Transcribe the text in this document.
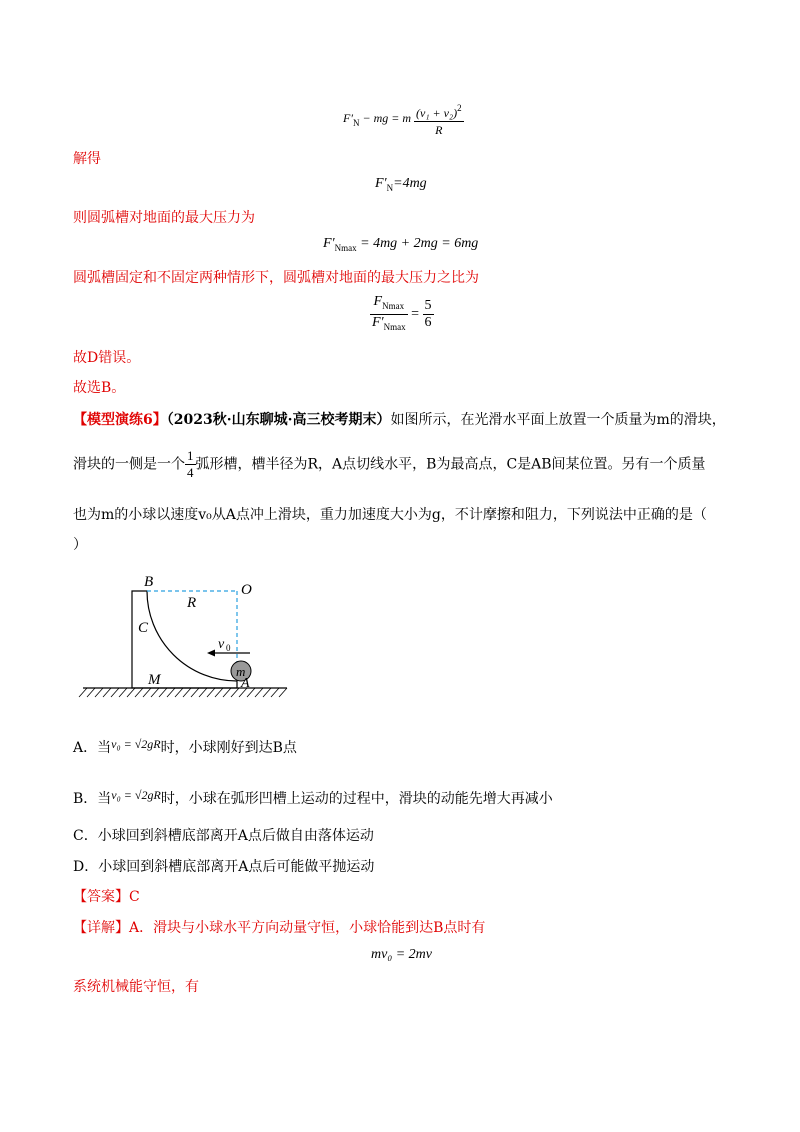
$F'_N$ − mg = m $\frac{(v_1 + v_2)^2}{R}$
解得
$F'_N=4mg$
则圆弧槽对地面的最大压力为
$F'_{Nmax} = 4mg + 2mg = 6mg$
圆弧槽固定和不固定两种情形下，圆弧槽对地面的最大压力之比为
$\frac{F_{Nmax}}{F'_{Nmax}} = \frac{5}{6}$
故D错误。
故选B。
【模型演练6】（2023秋·山东聊城·高三校考期末）如图所示，在光滑水平面上放置一个质量为m的滑块，
滑块的一侧是一个 $\frac{1}{4}$ 弧形槽，槽半径为R，A点切线水平，B为最高点，C是AB间某位置。另有一个质量
也为m的小球以速度v₀从A点冲上滑块，重力加速度大小为g，不计摩擦和阻力，下列说法中正确的是（
）
m
B	O
R
C
v 0
M	A
A．当v₀ = √2gR时，小球刚好到达B点
B．当v₀ = √2gR时，小球在弧形凹槽上运动的过程中，滑块的动能先增大再减小
C．小球回到斜槽底部离开A点后做自由落体运动
D．小球回到斜槽底部离开A点后可能做平抛运动
【答案】C
【详解】A．滑块与小球水平方向动量守恒，小球恰能到达B点时有
mv₀ = 2mv
系统机械能守恒，有
